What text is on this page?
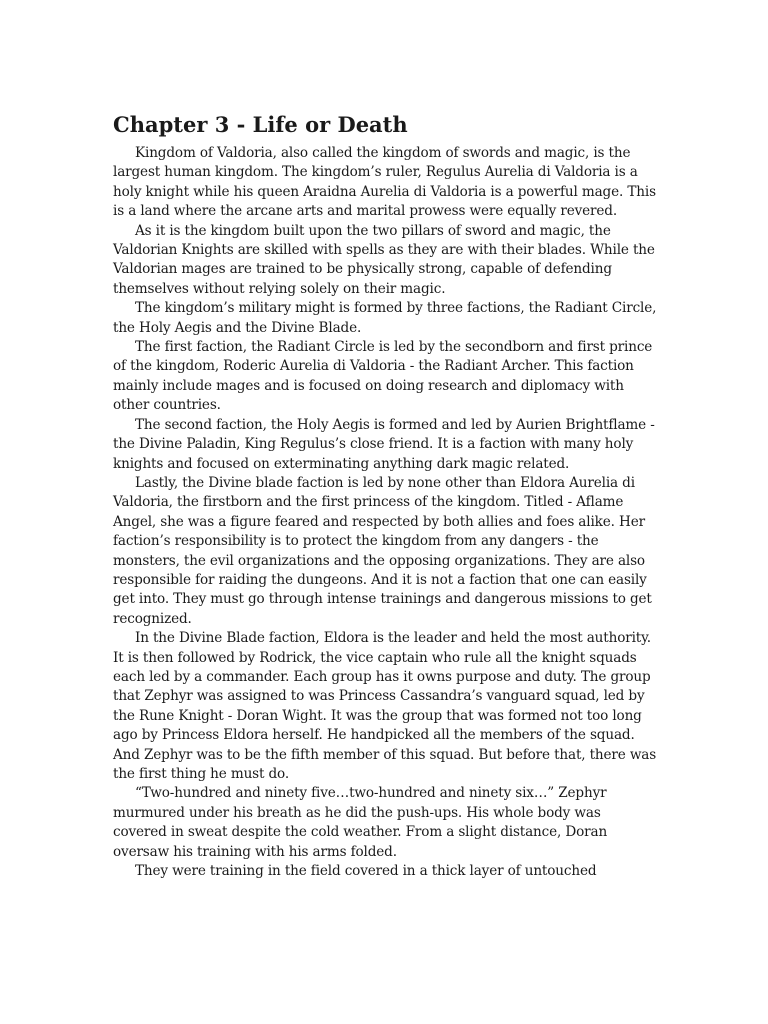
Chapter 3 - Life or Death

Kingdom of Valdoria, also called the kingdom of swords and magic, is the largest human kingdom. The kingdom’s ruler, Regulus Aurelia di Valdoria is a holy knight while his queen Araidna Aurelia di Valdoria is a powerful mage. This is a land where the arcane arts and marital prowess were equally revered.

As it is the kingdom built upon the two pillars of sword and magic, the Valdorian Knights are skilled with spells as they are with their blades. While the Valdorian mages are trained to be physically strong, capable of defending themselves without relying solely on their magic.

The kingdom’s military might is formed by three factions, the Radiant Circle, the Holy Aegis and the Divine Blade.

The first faction, the Radiant Circle is led by the secondborn and first prince of the kingdom, Roderic Aurelia di Valdoria - the Radiant Archer. This faction mainly include mages and is focused on doing research and diplomacy with other countries.

The second faction, the Holy Aegis is formed and led by Aurien Brightflame - the Divine Paladin, King Regulus’s close friend. It is a faction with many holy knights and focused on exterminating anything dark magic related.

Lastly, the Divine blade faction is led by none other than Eldora Aurelia di Valdoria, the firstborn and the first princess of the kingdom. Titled - Aflame Angel, she was a figure feared and respected by both allies and foes alike. Her faction’s responsibility is to protect the kingdom from any dangers - the monsters, the evil organizations and the opposing organizations. They are also responsible for raiding the dungeons. And it is not a faction that one can easily get into. They must go through intense trainings and dangerous missions to get recognized.

In the Divine Blade faction, Eldora is the leader and held the most authority. It is then followed by Rodrick, the vice captain who rule all the knight squads each led by a commander. Each group has it owns purpose and duty. The group that Zephyr was assigned to was Princess Cassandra’s vanguard squad, led by the Rune Knight - Doran Wight. It was the group that was formed not too long ago by Princess Eldora herself. He handpicked all the members of the squad. And Zephyr was to be the fifth member of this squad. But before that, there was the first thing he must do.

“Two-hundred and ninety five…two-hundred and ninety six…” Zephyr murmured under his breath as he did the push-ups. His whole body was covered in sweat despite the cold weather. From a slight distance, Doran oversaw his training with his arms folded.

They were training in the field covered in a thick layer of untouched
